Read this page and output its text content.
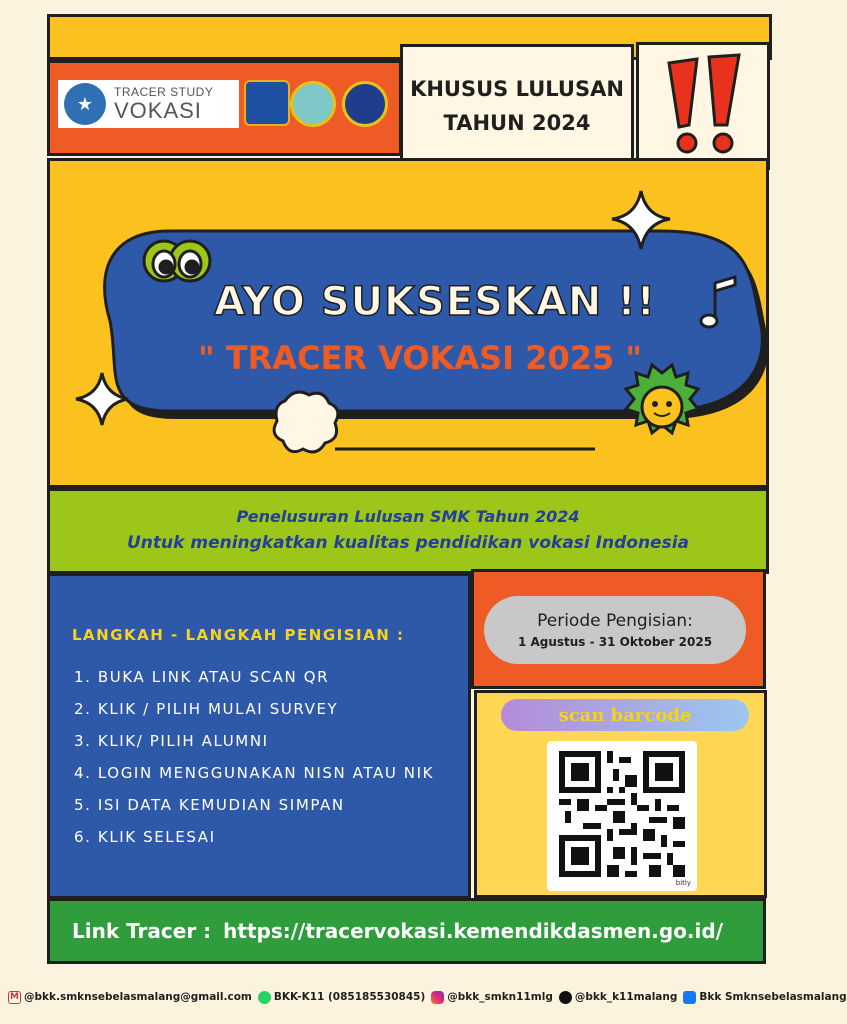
★
TRACER STUDY
VOKASI
KHUSUS LULUSAN
TAHUN 2024
AYO SUKSESKAN !!
" TRACER VOKASI 2025 "
Penelusuran Lulusan SMK Tahun 2024
Untuk meningkatkan kualitas pendidikan vokasi Indonesia
LANGKAH - LANGKAH PENGISIAN :
1. BUKA LINK ATAU SCAN QR
2. KLIK / PILIH MULAI SURVEY
3. KLIK/ PILIH ALUMNI
4. LOGIN MENGGUNAKAN NISN ATAU NIK
5. ISI DATA KEMUDIAN SIMPAN
6. KLIK SELESAI
Periode Pengisian:
1 Agustus - 31 Oktober 2025
scan barcode
bitly
Link Tracer : https://tracervokasi.kemendikdasmen.go.id/
M @bkk.smknsebelasmalang@gmail.com BKK-K11 (085185530845) @bkk_smkn11mlg @bkk_k11malang Bkk Smknsebelasmalang
